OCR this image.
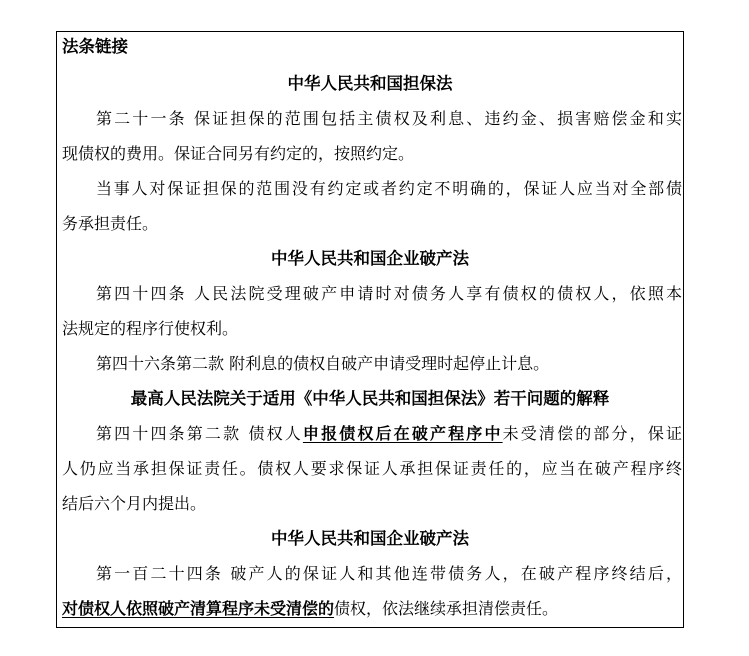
法条链接
中华人民共和国担保法
第二十一条 保证担保的范围包括主债权及利息、违约金、损害赔偿金和实
现债权的费用。保证合同另有约定的，按照约定。
当事人对保证担保的范围没有约定或者约定不明确的，保证人应当对全部债
务承担责任。
中华人民共和国企业破产法
第四十四条 人民法院受理破产申请时对债务人享有债权的债权人，依照本
法规定的程序行使权利。
第四十六条第二款 附利息的债权自破产申请受理时起停止计息。
最高人民法院关于适用《中华人民共和国担保法》若干问题的解释
第四十四条第二款 债权人申报债权后在破产程序中未受清偿的部分，保证
人仍应当承担保证责任。债权人要求保证人承担保证责任的，应当在破产程序终
结后六个月内提出。
中华人民共和国企业破产法
第一百二十四条 破产人的保证人和其他连带债务人，在破产程序终结后，
对债权人依照破产清算程序未受清偿的债权，依法继续承担清偿责任。
